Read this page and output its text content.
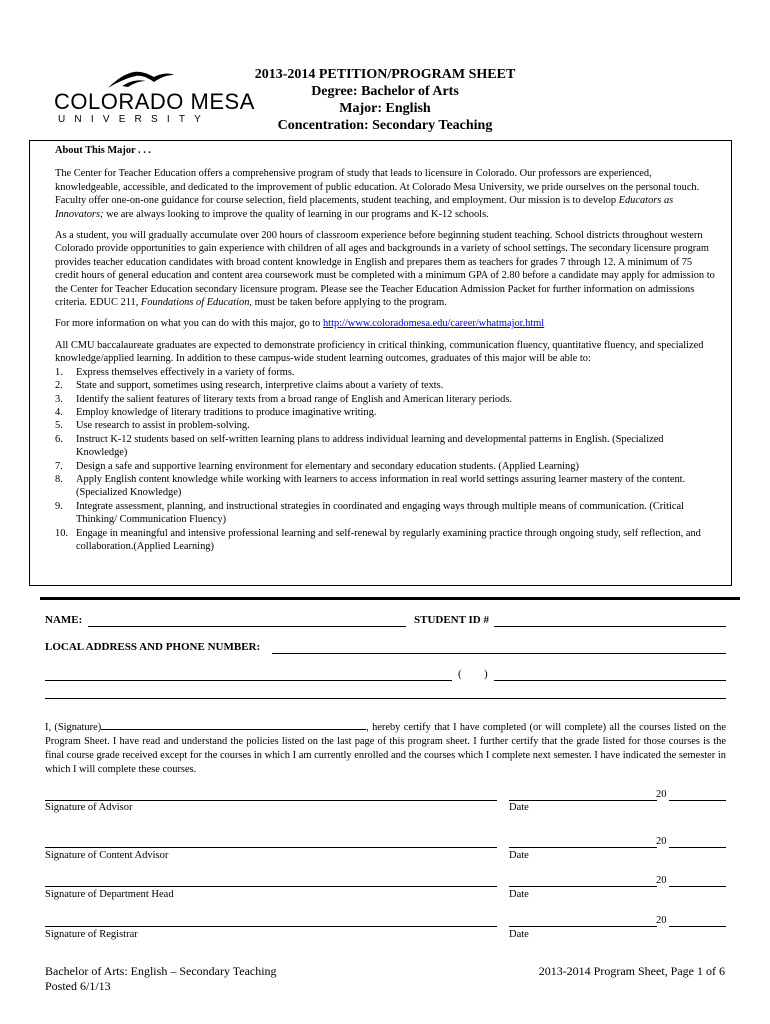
COLORADO MESA
UNIVERSITY
2013-2014 PETITION/PROGRAM SHEET
Degree: Bachelor of Arts
Major: English
Concentration: Secondary Teaching

About This Major . . .

The Center for Teacher Education offers a comprehensive program of study that leads to licensure in Colorado. Our professors are experienced, knowledgeable, accessible, and dedicated to the improvement of public education. At Colorado Mesa University, we pride ourselves on the personal touch. Faculty offer one-on-one guidance for course selection, field placements, student teaching, and employment. Our mission is to develop Educators as Innovators; we are always looking to improve the quality of learning in our programs and K-12 schools.

As a student, you will gradually accumulate over 200 hours of classroom experience before beginning student teaching. School districts throughout western Colorado provide opportunities to gain experience with children of all ages and backgrounds in a variety of school settings. The secondary licensure program provides teacher education candidates with broad content knowledge in English and prepares them as teachers for grades 7 through 12. A minimum of 75 credit hours of general education and content area coursework must be completed with a minimum GPA of 2.80 before a candidate may apply for admission to the Center for Teacher Education secondary licensure program. Please see the Teacher Education Admission Packet for further information on admissions criteria. EDUC 211, Foundations of Education, must be taken before applying to the program.

For more information on what you can do with this major, go to http://www.coloradomesa.edu/career/whatmajor.html

All CMU baccalaureate graduates are expected to demonstrate proficiency in critical thinking, communication fluency, quantitative fluency, and specialized knowledge/applied learning. In addition to these campus-wide student learning outcomes, graduates of this major will be able to:
1. Express themselves effectively in a variety of forms.
2. State and support, sometimes using research, interpretive claims about a variety of texts.
3. Identify the salient features of literary texts from a broad range of English and American literary periods.
4. Employ knowledge of literary traditions to produce imaginative writing.
5. Use research to assist in problem-solving.
6. Instruct K-12 students based on self-written learning plans to address individual learning and developmental patterns in English. (Specialized Knowledge)
7. Design a safe and supportive learning environment for elementary and secondary education students. (Applied Learning)
8. Apply English content knowledge while working with learners to access information in real world settings assuring learner mastery of the content. (Specialized Knowledge)
9. Integrate assessment, planning, and instructional strategies in coordinated and engaging ways through multiple means of communication. (Critical Thinking/ Communication Fluency)
10. Engage in meaningful and intensive professional learning and self-renewal by regularly examining practice through ongoing study, self reflection, and collaboration.(Applied Learning)
NAME:	STUDENT ID #
LOCAL ADDRESS AND PHONE NUMBER:
( )
I, (Signature)	, hereby certify that I have completed (or will complete) all the courses listed on the Program Sheet. I have read and understand the policies listed on the last page of this program sheet. I further certify that the grade listed for those courses is the final course grade received except for the courses in which I am currently enrolled and the courses which I complete next semester. I have indicated the semester in which I will complete these courses.
Signature of Advisor
20
Date
Signature of Content Advisor
20
Date
Signature of Department Head
20
Date
Signature of Registrar
20
Date
Bachelor of Arts: English – Secondary Teaching
Posted 6/1/13
2013-2014 Program Sheet, Page 1 of 6
